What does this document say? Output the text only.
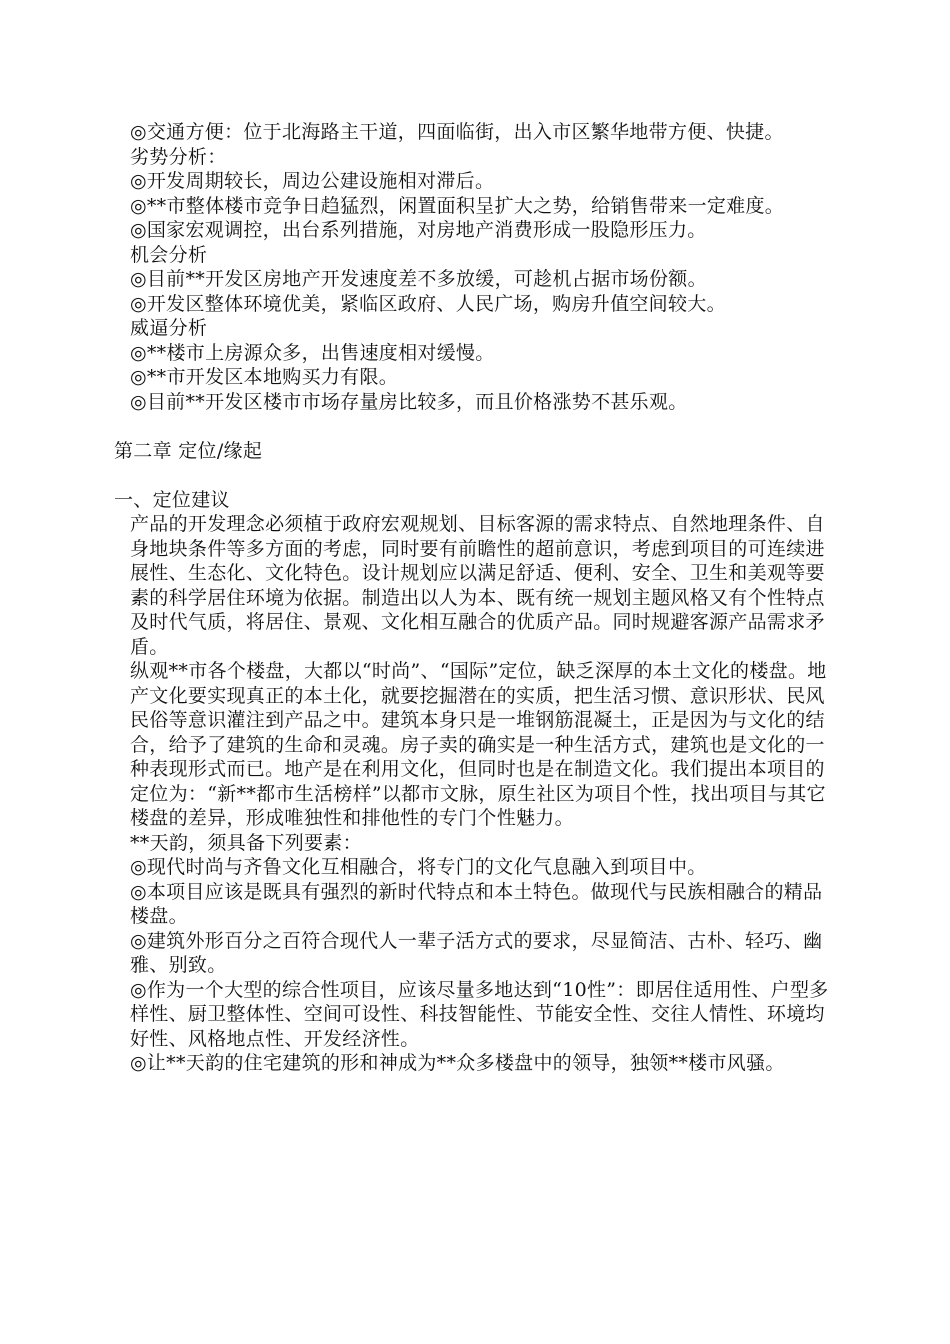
◎交通方便：位于北海路主干道，四面临街，出入市区繁华地带方便、快捷。

劣势分析：

◎开发周期较长，周边公建设施相对滞后。

◎**市整体楼市竞争日趋猛烈，闲置面积呈扩大之势，给销售带来一定难度。

◎国家宏观调控，出台系列措施，对房地产消费形成一股隐形压力。

机会分析

◎目前**开发区房地产开发速度差不多放缓，可趁机占据市场份额。

◎开发区整体环境优美，紧临区政府、人民广场，购房升值空间较大。

威逼分析

◎**楼市上房源众多，出售速度相对缓慢。

◎**市开发区本地购买力有限。

◎目前**开发区楼市市场存量房比较多，而且价格涨势不甚乐观。

第二章 定位/缘起

一、定位建议

产品的开发理念必须植于政府宏观规划、目标客源的需求特点、自然地理条件、自身地块条件等多方面的考虑，同时要有前瞻性的超前意识，考虑到项目的可连续进展性、生态化、文化特色。设计规划应以满足舒适、便利、安全、卫生和美观等要素的科学居住环境为依据。制造出以人为本、既有统一规划主题风格又有个性特点及时代气质，将居住、景观、文化相互融合的优质产品。同时规避客源产品需求矛盾。

纵观**市各个楼盘，大都以“时尚”、“国际”定位，缺乏深厚的本土文化的楼盘。地产文化要实现真正的本土化，就要挖掘潜在的实质，把生活习惯、意识形状、民风民俗等意识灌注到产品之中。建筑本身只是一堆钢筋混凝土，正是因为与文化的结合，给予了建筑的生命和灵魂。房子卖的确实是一种生活方式，建筑也是文化的一种表现形式而已。地产是在利用文化，但同时也是在制造文化。我们提出本项目的定位为：“新**都市生活榜样”以都市文脉，原生社区为项目个性，找出项目与其它楼盘的差异，形成唯独性和排他性的专门个性魅力。

**天韵，须具备下列要素：

◎现代时尚与齐鲁文化互相融合，将专门的文化气息融入到项目中。

◎本项目应该是既具有强烈的新时代特点和本土特色。做现代与民族相融合的精品楼盘。

◎建筑外形百分之百符合现代人一辈子活方式的要求，尽显简洁、古朴、轻巧、幽雅、别致。

◎作为一个大型的综合性项目，应该尽量多地达到“10性”：即居住适用性、户型多样性、厨卫整体性、空间可设性、科技智能性、节能安全性、交往人情性、环境均好性、风格地点性、开发经济性。

◎让**天韵的住宅建筑的形和神成为**众多楼盘中的领导，独领**楼市风骚。
